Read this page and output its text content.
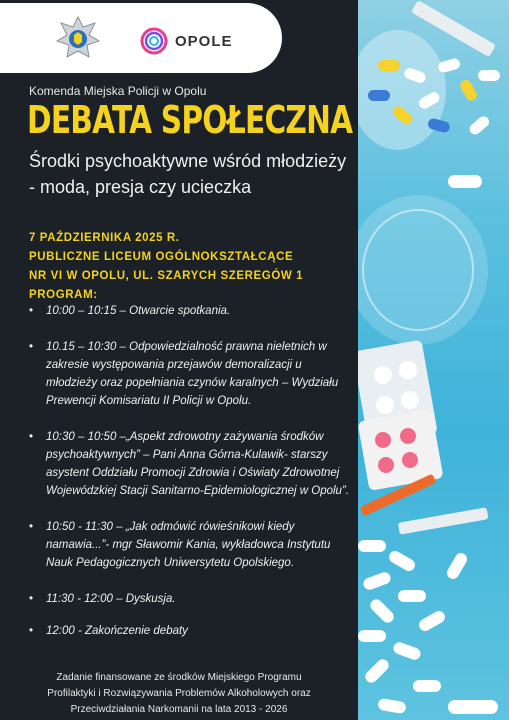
OPOLE
Komenda Miejska Policji w Opolu
DEBATA SPOŁECZNA
Środki psychoaktywne wśród młodzieży - moda, presja czy ucieczka
7 PAŹDZIERNIKA 2025 R.
PUBLICZNE LICEUM OGÓLNOKSZTAŁCĄCE
NR VI W OPOLU, UL. SZARYCH SZEREGÓW 1
PROGRAM:
• 10:00 – 10:15 – Otwarcie spotkania.
• 10.15 – 10:30 – Odpowiedzialność prawna nieletnich w zakresie występowania przejawów demoralizacji u młodzieży oraz popełniania czynów karalnych – Wydziału Prewencji Komisariatu II Policji w Opolu.
• 10:30 – 10:50 –„Aspekt zdrowotny zażywania środków psychoaktywnych” – Pani Anna Górna-Kulawik- starszy asystent Oddziału Promocji Zdrowia i Oświaty Zdrowotnej Wojewódzkiej Stacji Sanitarno-Epidemiologicznej w Opolu”.
• 10:50 - 11:30 – „Jak odmówić rówieśnikowi kiedy namawia...”- mgr Sławomir Kania, wykładowca Instytutu Nauk Pedagogicznych Uniwersytetu Opolskiego.
• 11:30 - 12:00 – Dyskusja.
• 12:00 - Zakończenie debaty
Zadanie finansowane ze środków Miejskiego Programu
Profilaktyki i Rozwiązywania Problemów Alkoholowych oraz
Przeciwdziałania Narkomanii na lata 2013 - 2026
